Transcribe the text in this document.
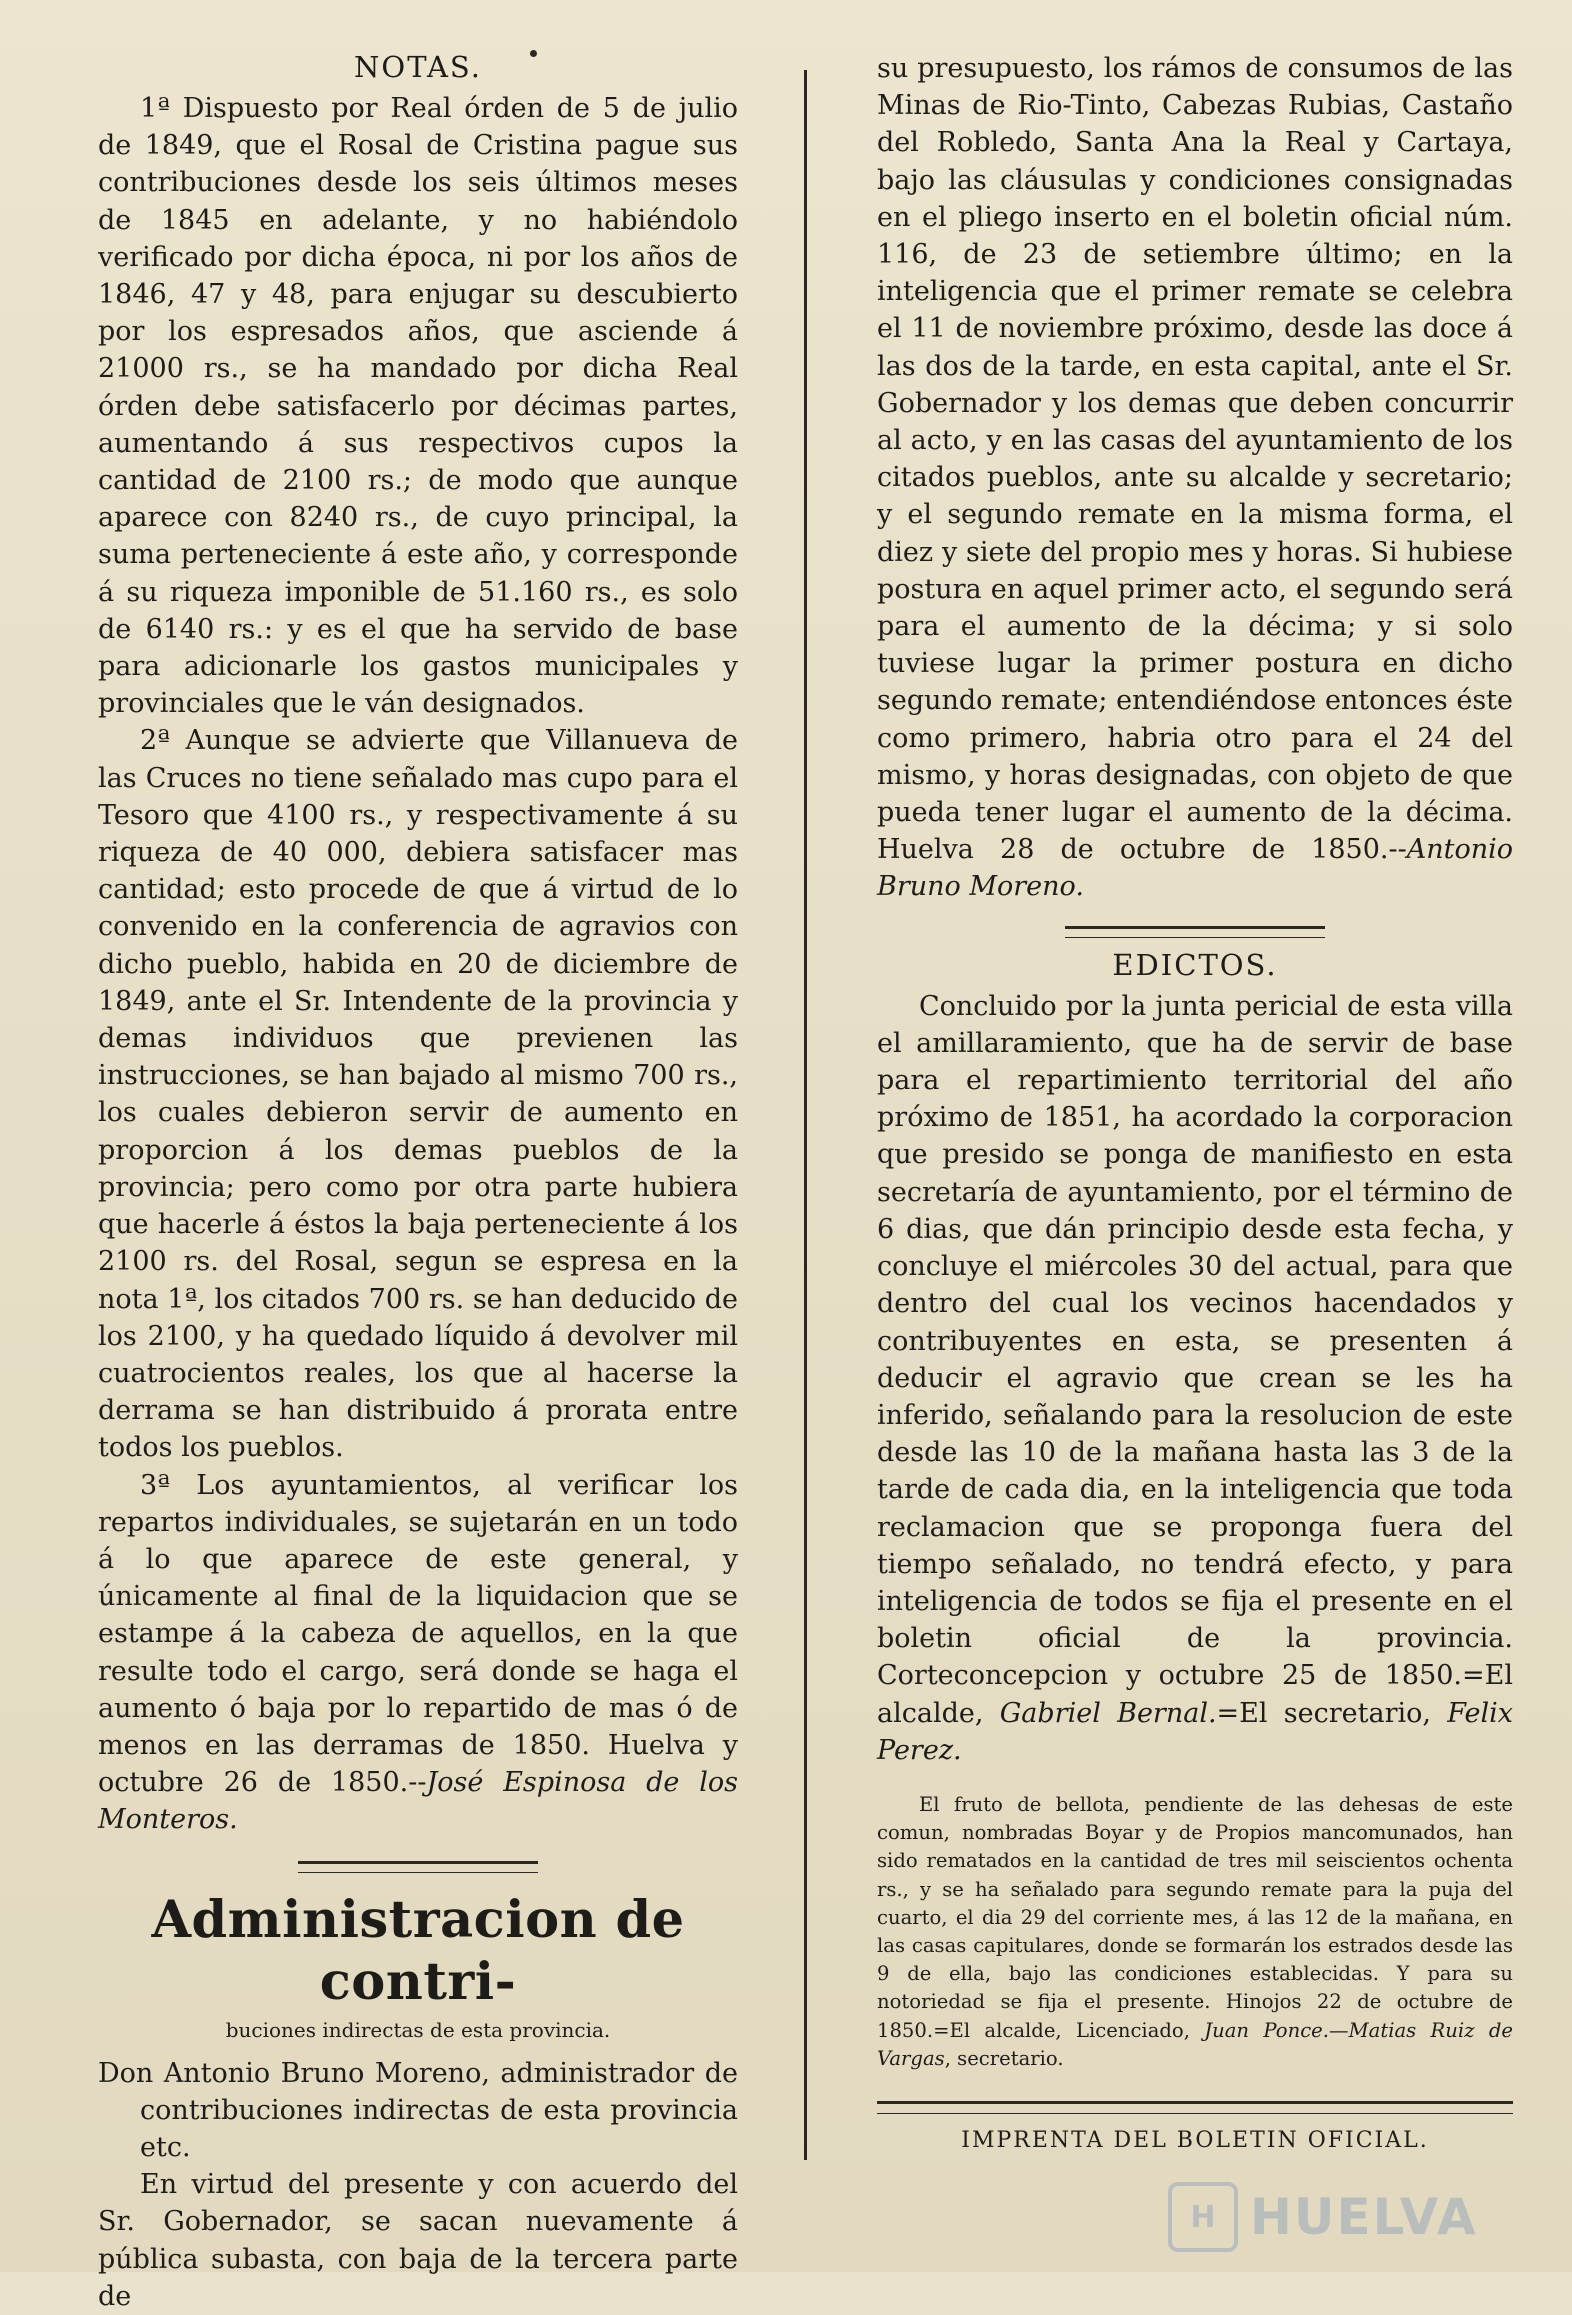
NOTAS.

1ª Dispuesto por Real órden de 5 de julio de 1849, que el Rosal de Cristina pague sus contribuciones desde los seis últimos meses de 1845 en adelante, y no habiéndolo verificado por dicha época, ni por los años de 1846, 47 y 48, para enjugar su descubierto por los espresados años, que asciende á 21000 rs., se ha mandado por dicha Real órden debe satisfacerlo por décimas partes, aumentando á sus respectivos cupos la cantidad de 2100 rs.; de modo que aunque aparece con 8240 rs., de cuyo principal, la suma perteneciente á este año, y corresponde á su riqueza imponible de 51.160 rs., es solo de 6140 rs.: y es el que ha servido de base para adicionarle los gastos municipales y provinciales que le ván designados.

2ª Aunque se advierte que Villanueva de las Cruces no tiene señalado mas cupo para el Tesoro que 4100 rs., y respectivamente á su riqueza de 40 000, debiera satisfacer mas cantidad; esto procede de que á virtud de lo convenido en la conferencia de agravios con dicho pueblo, habida en 20 de diciembre de 1849, ante el Sr. Intendente de la provincia y demas individuos que previenen las instrucciones, se han bajado al mismo 700 rs., los cuales debieron servir de aumento en proporcion á los demas pueblos de la provincia; pero como por otra parte hubiera que hacerle á éstos la baja perteneciente á los 2100 rs. del Rosal, segun se espresa en la nota 1ª, los citados 700 rs. se han deducido de los 2100, y ha quedado líquido á devolver mil cuatrocientos reales, los que al hacerse la derrama se han distribuido á prorata entre todos los pueblos.

3ª Los ayuntamientos, al verificar los repartos individuales, se sujetarán en un todo á lo que aparece de este general, y únicamente al final de la liquidacion que se estampe á la cabeza de aquellos, en la que resulte todo el cargo, será donde se haga el aumento ó baja por lo repartido de mas ó de menos en las derramas de 1850. Huelva y octubre 26 de 1850.--José Espinosa de los Monteros.

Administracion de contri-
buciones indirectas de esta provincia.

Don Antonio Bruno Moreno, administrador de contribuciones indirectas de esta provincia etc.

En virtud del presente y con acuerdo del Sr. Gobernador, se sacan nuevamente á pública subasta, con baja de la tercera parte de

su presupuesto, los rámos de consumos de las Minas de Rio-Tinto, Cabezas Rubias, Castaño del Robledo, Santa Ana la Real y Cartaya, bajo las cláusulas y condiciones consignadas en el pliego inserto en el boletin oficial núm. 116, de 23 de setiembre último; en la inteligencia que el primer remate se celebra el 11 de noviembre próximo, desde las doce á las dos de la tarde, en esta capital, ante el Sr. Gobernador y los demas que deben concurrir al acto, y en las casas del ayuntamiento de los citados pueblos, ante su alcalde y secretario; y el segundo remate en la misma forma, el diez y siete del propio mes y horas. Si hubiese postura en aquel primer acto, el segundo será para el aumento de la décima; y si solo tuviese lugar la primer postura en dicho segundo remate; entendiéndose entonces éste como primero, habria otro para el 24 del mismo, y horas designadas, con objeto de que pueda tener lugar el aumento de la décima. Huelva 28 de octubre de 1850.--Antonio Bruno Moreno.

EDICTOS.

Concluido por la junta pericial de esta villa el amillaramiento, que ha de servir de base para el repartimiento territorial del año próximo de 1851, ha acordado la corporacion que presido se ponga de manifiesto en esta secretaría de ayuntamiento, por el término de 6 dias, que dán principio desde esta fecha, y concluye el miércoles 30 del actual, para que dentro del cual los vecinos hacendados y contribuyentes en esta, se presenten á deducir el agravio que crean se les ha inferido, señalando para la resolucion de este desde las 10 de la mañana hasta las 3 de la tarde de cada dia, en la inteligencia que toda reclamacion que se proponga fuera del tiempo señalado, no tendrá efecto, y para inteligencia de todos se fija el presente en el boletin oficial de la provincia. Corteconcepcion y octubre 25 de 1850.=El alcalde, Gabriel Bernal.=El secretario, Felix Perez.

El fruto de bellota, pendiente de las dehesas de este comun, nombradas Boyar y de Propios mancomunados, han sido rematados en la cantidad de tres mil seiscientos ochenta rs., y se ha señalado para segundo remate para la puja del cuarto, el dia 29 del corriente mes, á las 12 de la mañana, en las casas capitulares, donde se formarán los estrados desde las 9 de ella, bajo las condiciones establecidas. Y para su notoriedad se fija el presente. Hinojos 22 de octubre de 1850.=El alcalde, Licenciado, Juan Ponce.—Matias Ruiz de Vargas, secretario.

IMPRENTA DEL BOLETIN OFICIAL.
H HUELVA
